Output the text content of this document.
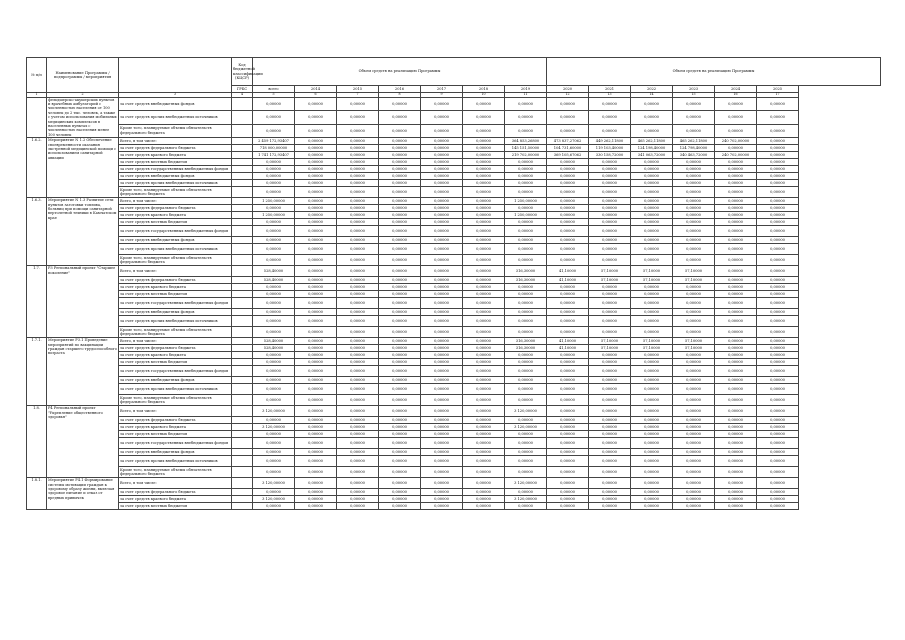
№ п/п	Наименование Программы / подпрограммы / мероприятия		Код бюджетной классификации (КЦСР)	Объем средств на реализацию Программы							Объем средств на реализацию Программы					
			ГРБС	всего	2014	2015	2016	2017	2018	2019	2020	2021	2022	2023	2024	2025
1	2	3	4	5	6	7	8	9	10	11	12	13	14	15	16	17
	фельдшерско-акушерских пунктов и врачебных амбулаторий с численностью населения от 100 человек до 2 тыс. человек, а также с учетом использования мобильных медицинских комплексов в населенных пунктах с численностью населения менее 100 человек	за счет средств внебюджетных фондов		0,00000	0,00000	0,00000	0,00000	0,00000	0,00000	0,00000	0,00000	0,00000	0,00000	0,00000	0,00000	0,00000
		за счет средств прочих внебюджетных источников		0,00000	0,00000	0,00000	0,00000	0,00000	0,00000	0,00000	0,00000	0,00000	0,00000	0,00000	0,00000	0,00000
		Кроме того, планируемые объемы обязательств федерального бюджета		0,00000	0,00000	0,00000	0,00000	0,00000	0,00000	0,00000	0,00000	0,00000	0,00000	0,00000	0,00000	0,00000
1.6.2.	Мероприятие N 1.2 Обеспечение своевременности оказания экстренной медицинской помощи с использованием санитарной авиации	Всего, в том числе:		2 459 172,93407	0,00000	0,00000	0,00000	0,00000	0,00000	364 853,26800	473 837,27062	449 262,11800	465 262,11800	465 262,11800	240 702,00000	0,00000
		за счет средств федерального бюджета		718 000,00000	0,00000	0,00000	0,00000	0,00000	0,00000	145 151,50000	104 731,60000	119 103,40000	124 198,40000	124 798,40000	0,00000	0,00000
		за счет средств краевого бюджета		1 741 172,93407	0,00000	0,00000	0,00000	0,00000	0,00000	219 702,00000	369 105,67062	330 158,72000	341 063,72000	340 463,72000	240 702,00000	0,00000
		за счет средств местных бюджетов		0,00000	0,00000	0,00000	0,00000	0,00000	0,00000	0,00000	0,00000	0,00000	0,00000	0,00000	0,00000	0,00000
		за счет средств государственных внебюджетных фондов		0,00000	0,00000	0,00000	0,00000	0,00000	0,00000	0,00000	0,00000	0,00000	0,00000	0,00000	0,00000	0,00000
		за счет средств внебюджетных фондов		0,00000	0,00000	0,00000	0,00000	0,00000	0,00000	0,00000	0,00000	0,00000	0,00000	0,00000	0,00000	0,00000
		за счет средств прочих внебюджетных источников		0,00000	0,00000	0,00000	0,00000	0,00000	0,00000	0,00000	0,00000	0,00000	0,00000	0,00000	0,00000	0,00000
		Кроме того, планируемые объемы обязательств федерального бюджета		0,00000	0,00000	0,00000	0,00000	0,00000	0,00000	0,00000	0,00000	0,00000	0,00000	0,00000	0,00000	0,00000
1.6.3.	Мероприятие N 1.3 Развитие сети пунктов заготовки топлива, больниц при помощи санитарной вертолетной техники в Камчатском крае	Всего, в том числе:		1 250,00000	0,00000	0,00000	0,00000	0,00000	0,00000	1 250,00000	0,00000	0,00000	0,00000	0,00000	0,00000	0,00000
		за счет средств федерального бюджета		0,00000	0,00000	0,00000	0,00000	0,00000	0,00000	0,00000	0,00000	0,00000	0,00000	0,00000	0,00000	0,00000
		за счет средств краевого бюджета		1 250,00000	0,00000	0,00000	0,00000	0,00000	0,00000	1 250,00000	0,00000	0,00000	0,00000	0,00000	0,00000	0,00000
		за счет средств местных бюджетов		0,00000	0,00000	0,00000	0,00000	0,00000	0,00000	0,00000	0,00000	0,00000	0,00000	0,00000	0,00000	0,00000
		за счет средств государственных внебюджетных фондов		0,00000	0,00000	0,00000	0,00000	0,00000	0,00000	0,00000	0,00000	0,00000	0,00000	0,00000	0,00000	0,00000
		за счет средств внебюджетных фондов		0,00000	0,00000	0,00000	0,00000	0,00000	0,00000	0,00000	0,00000	0,00000	0,00000	0,00000	0,00000	0,00000
		за счет средств прочих внебюджетных источников		0,00000	0,00000	0,00000	0,00000	0,00000	0,00000	0,00000	0,00000	0,00000	0,00000	0,00000	0,00000	0,00000
		Кроме того, планируемые объемы обязательств федерального бюджета		0,00000	0,00000	0,00000	0,00000	0,00000	0,00000	0,00000	0,00000	0,00000	0,00000	0,00000	0,00000	0,00000
1.7.	P3 Региональный проект "Старшее поколение"	Всего, в том числе:		528,40000	0,00000	0,00000	0,00000	0,00000	0,00000	316,30000	41,10000	57,10000	57,10000	57,10000	0,00000	0,00000
		за счет средств федерального бюджета		528,40000	0,00000	0,00000	0,00000	0,00000	0,00000	316,30000	41,10000	57,10000	57,10000	57,10000	0,00000	0,00000
		за счет средств краевого бюджета		0,00000	0,00000	0,00000	0,00000	0,00000	0,00000	0,00000	0,00000	0,00000	0,00000	0,00000	0,00000	0,00000
		за счет средств местных бюджетов		0,00000	0,00000	0,00000	0,00000	0,00000	0,00000	0,00000	0,00000	0,00000	0,00000	0,00000	0,00000	0,00000
		за счет средств государственных внебюджетных фондов		0,00000	0,00000	0,00000	0,00000	0,00000	0,00000	0,00000	0,00000	0,00000	0,00000	0,00000	0,00000	0,00000
		за счет средств внебюджетных фондов		0,00000	0,00000	0,00000	0,00000	0,00000	0,00000	0,00000	0,00000	0,00000	0,00000	0,00000	0,00000	0,00000
		за счет средств прочих внебюджетных источников		0,00000	0,00000	0,00000	0,00000	0,00000	0,00000	0,00000	0,00000	0,00000	0,00000	0,00000	0,00000	0,00000
		Кроме того, планируемые объемы обязательств федерального бюджета		0,00000	0,00000	0,00000	0,00000	0,00000	0,00000	0,00000	0,00000	0,00000	0,00000	0,00000	0,00000	0,00000
1.7.1.	Мероприятие P3.1 Проведение мероприятий по вакцинации граждан старшего трудоспособного возраста	Всего, в том числе:		528,40000	0,00000	0,00000	0,00000	0,00000	0,00000	316,30000	41,10000	57,10000	57,10000	57,10000	0,00000	0,00000
		за счет средств федерального бюджета		528,40000	0,00000	0,00000	0,00000	0,00000	0,00000	316,30000	41,10000	57,10000	57,10000	57,10000	0,00000	0,00000
		за счет средств краевого бюджета		0,00000	0,00000	0,00000	0,00000	0,00000	0,00000	0,00000	0,00000	0,00000	0,00000	0,00000	0,00000	0,00000
		за счет средств местных бюджетов		0,00000	0,00000	0,00000	0,00000	0,00000	0,00000	0,00000	0,00000	0,00000	0,00000	0,00000	0,00000	0,00000
		за счет средств государственных внебюджетных фондов		0,00000	0,00000	0,00000	0,00000	0,00000	0,00000	0,00000	0,00000	0,00000	0,00000	0,00000	0,00000	0,00000
		за счет средств внебюджетных фондов		0,00000	0,00000	0,00000	0,00000	0,00000	0,00000	0,00000	0,00000	0,00000	0,00000	0,00000	0,00000	0,00000
		за счет средств прочих внебюджетных источников		0,00000	0,00000	0,00000	0,00000	0,00000	0,00000	0,00000	0,00000	0,00000	0,00000	0,00000	0,00000	0,00000
		Кроме того, планируемые объемы обязательств федерального бюджета		0,00000	0,00000	0,00000	0,00000	0,00000	0,00000	0,00000	0,00000	0,00000	0,00000	0,00000	0,00000	0,00000
1.8.	P4 Региональный проект "Укрепление общественного здоровья"	Всего, в том числе:		3 120,00000	0,00000	0,00000	0,00000	0,00000	0,00000	3 120,00000	0,00000	0,00000	0,00000	0,00000	0,00000	0,00000
		за счет средств федерального бюджета		0,00000	0,00000	0,00000	0,00000	0,00000	0,00000	0,00000	0,00000	0,00000	0,00000	0,00000	0,00000	0,00000
		за счет средств краевого бюджета		3 120,00000	0,00000	0,00000	0,00000	0,00000	0,00000	3 120,00000	0,00000	0,00000	0,00000	0,00000	0,00000	0,00000
		за счет средств местных бюджетов		0,00000	0,00000	0,00000	0,00000	0,00000	0,00000	0,00000	0,00000	0,00000	0,00000	0,00000	0,00000	0,00000
		за счет средств государственных внебюджетных фондов		0,00000	0,00000	0,00000	0,00000	0,00000	0,00000	0,00000	0,00000	0,00000	0,00000	0,00000	0,00000	0,00000
		за счет средств внебюджетных фондов		0,00000	0,00000	0,00000	0,00000	0,00000	0,00000	0,00000	0,00000	0,00000	0,00000	0,00000	0,00000	0,00000
		за счет средств прочих внебюджетных источников		0,00000	0,00000	0,00000	0,00000	0,00000	0,00000	0,00000	0,00000	0,00000	0,00000	0,00000	0,00000	0,00000
		Кроме того, планируемые объемы обязательств федерального бюджета		0,00000	0,00000	0,00000	0,00000	0,00000	0,00000	0,00000	0,00000	0,00000	0,00000	0,00000	0,00000	0,00000
1.8.1.	Мероприятие P4.1 Формирование системы мотивации граждан к здоровому образу жизни, включая здоровое питание и отказ от вредных привычек	Всего, в том числе:		3 120,00000	0,00000	0,00000	0,00000	0,00000	0,00000	3 120,00000	0,00000	0,00000	0,00000	0,00000	0,00000	0,00000
		за счет средств федерального бюджета		0,00000	0,00000	0,00000	0,00000	0,00000	0,00000	0,00000	0,00000	0,00000	0,00000	0,00000	0,00000	0,00000
		за счет средств краевого бюджета		3 120,00000	0,00000	0,00000	0,00000	0,00000	0,00000	3 120,00000	0,00000	0,00000	0,00000	0,00000	0,00000	0,00000
		за счет средств местных бюджетов		0,00000	0,00000	0,00000	0,00000	0,00000	0,00000	0,00000	0,00000	0,00000	0,00000	0,00000	0,00000	0,00000
